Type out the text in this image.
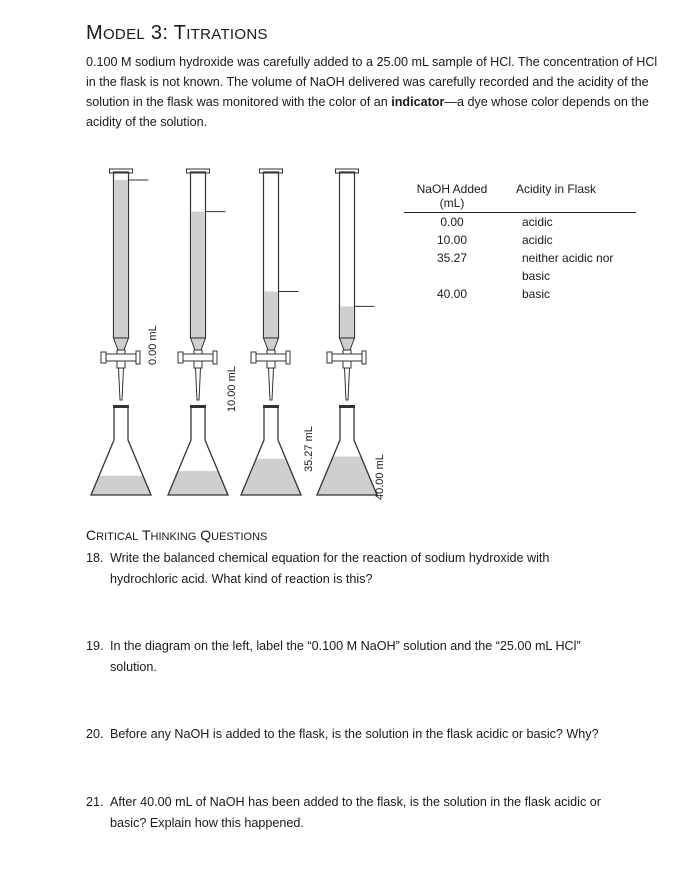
MODEL 3: TITRATIONS
0.100 M sodium hydroxide was carefully added to a 25.00 mL sample of HCl. The concentration of HCl in the flask is not known. The volume of NaOH delivered was carefully recorded and the acidity of the solution in the flask was monitored with the color of an indicator—a dye whose color depends on the acidity of the solution.
0.00 mL
10.00 mL
35.27 mL
40.00 mL
NaOH Added (mL)	Acidity in Flask
0.00	acidic
10.00	acidic
35.27	neither acidic nor basic
40.00	basic
CRITICAL THINKING QUESTIONS
18. Write the balanced chemical equation for the reaction of sodium hydroxide with
hydrochloric acid. What kind of reaction is this?
19. In the diagram on the left, label the “0.100 M NaOH” solution and the “25.00 mL HCl”
solution.
20. Before any NaOH is added to the flask, is the solution in the flask acidic or basic? Why?
21. After 40.00 mL of NaOH has been added to the flask, is the solution in the flask acidic or
basic? Explain how this happened.
